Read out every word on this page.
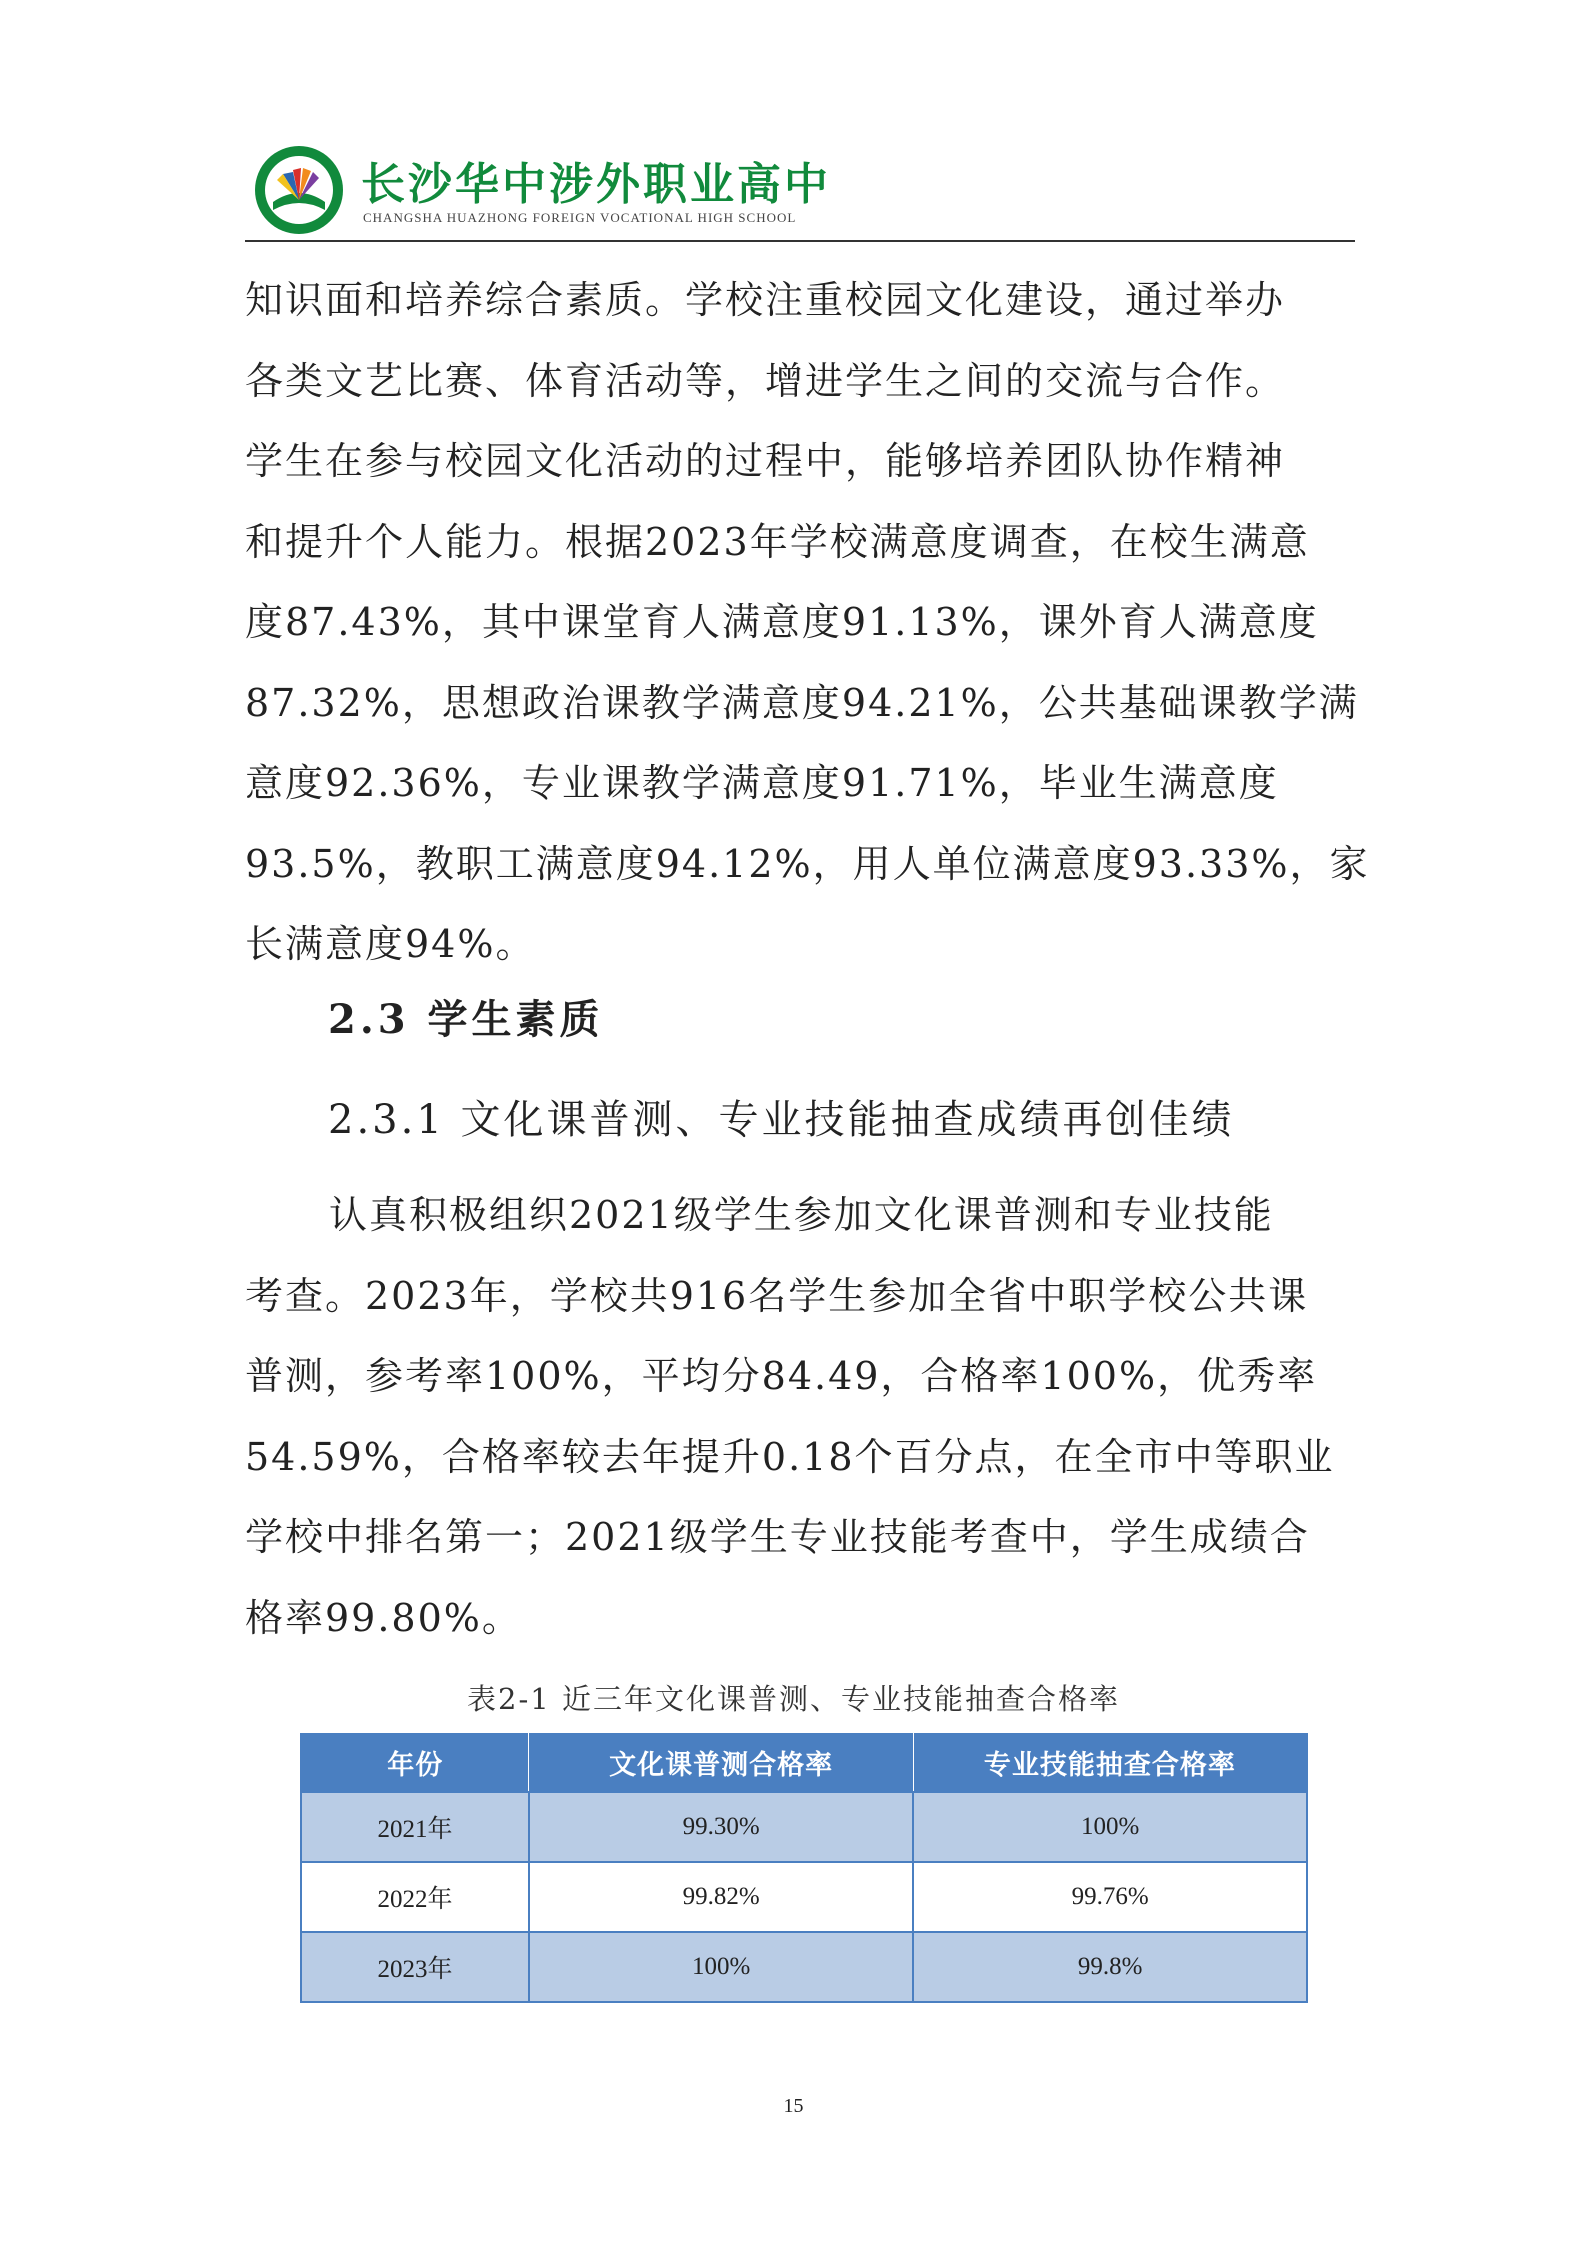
长沙华中涉外职业高中
CHANGSHA HUAZHONG FOREIGN VOCATIONAL HIGH SCHOOL

知识面和培养综合素质。学校注重校园文化建设，通过举办
各类文艺比赛、体育活动等，增进学生之间的交流与合作。
学生在参与校园文化活动的过程中，能够培养团队协作精神
和提升个人能力。根据2023年学校满意度调查，在校生满意
度87.43%，其中课堂育人满意度91.13%，课外育人满意度
87.32%，思想政治课教学满意度94.21%，公共基础课教学满
意度92.36%，专业课教学满意度91.71%，毕业生满意度
93.5%，教职工满意度94.12%，用人单位满意度93.33%，家
长满意度94%。

2.3 学生素质
2.3.1 文化课普测、专业技能抽查成绩再创佳绩

认真积极组织2021级学生参加文化课普测和专业技能
考查。2023年，学校共916名学生参加全省中职学校公共课
普测，参考率100%，平均分84.49，合格率100%，优秀率
54.59%，合格率较去年提升0.18个百分点，在全市中等职业
学校中排名第一；2021级学生专业技能考查中，学生成绩合
格率99.80%。

表2-1 近三年文化课普测、专业技能抽查合格率
年份	文化课普测合格率	专业技能抽查合格率
2021年	99.30%	100%
2022年	99.82%	99.76%
2023年	100%	99.8%
15
